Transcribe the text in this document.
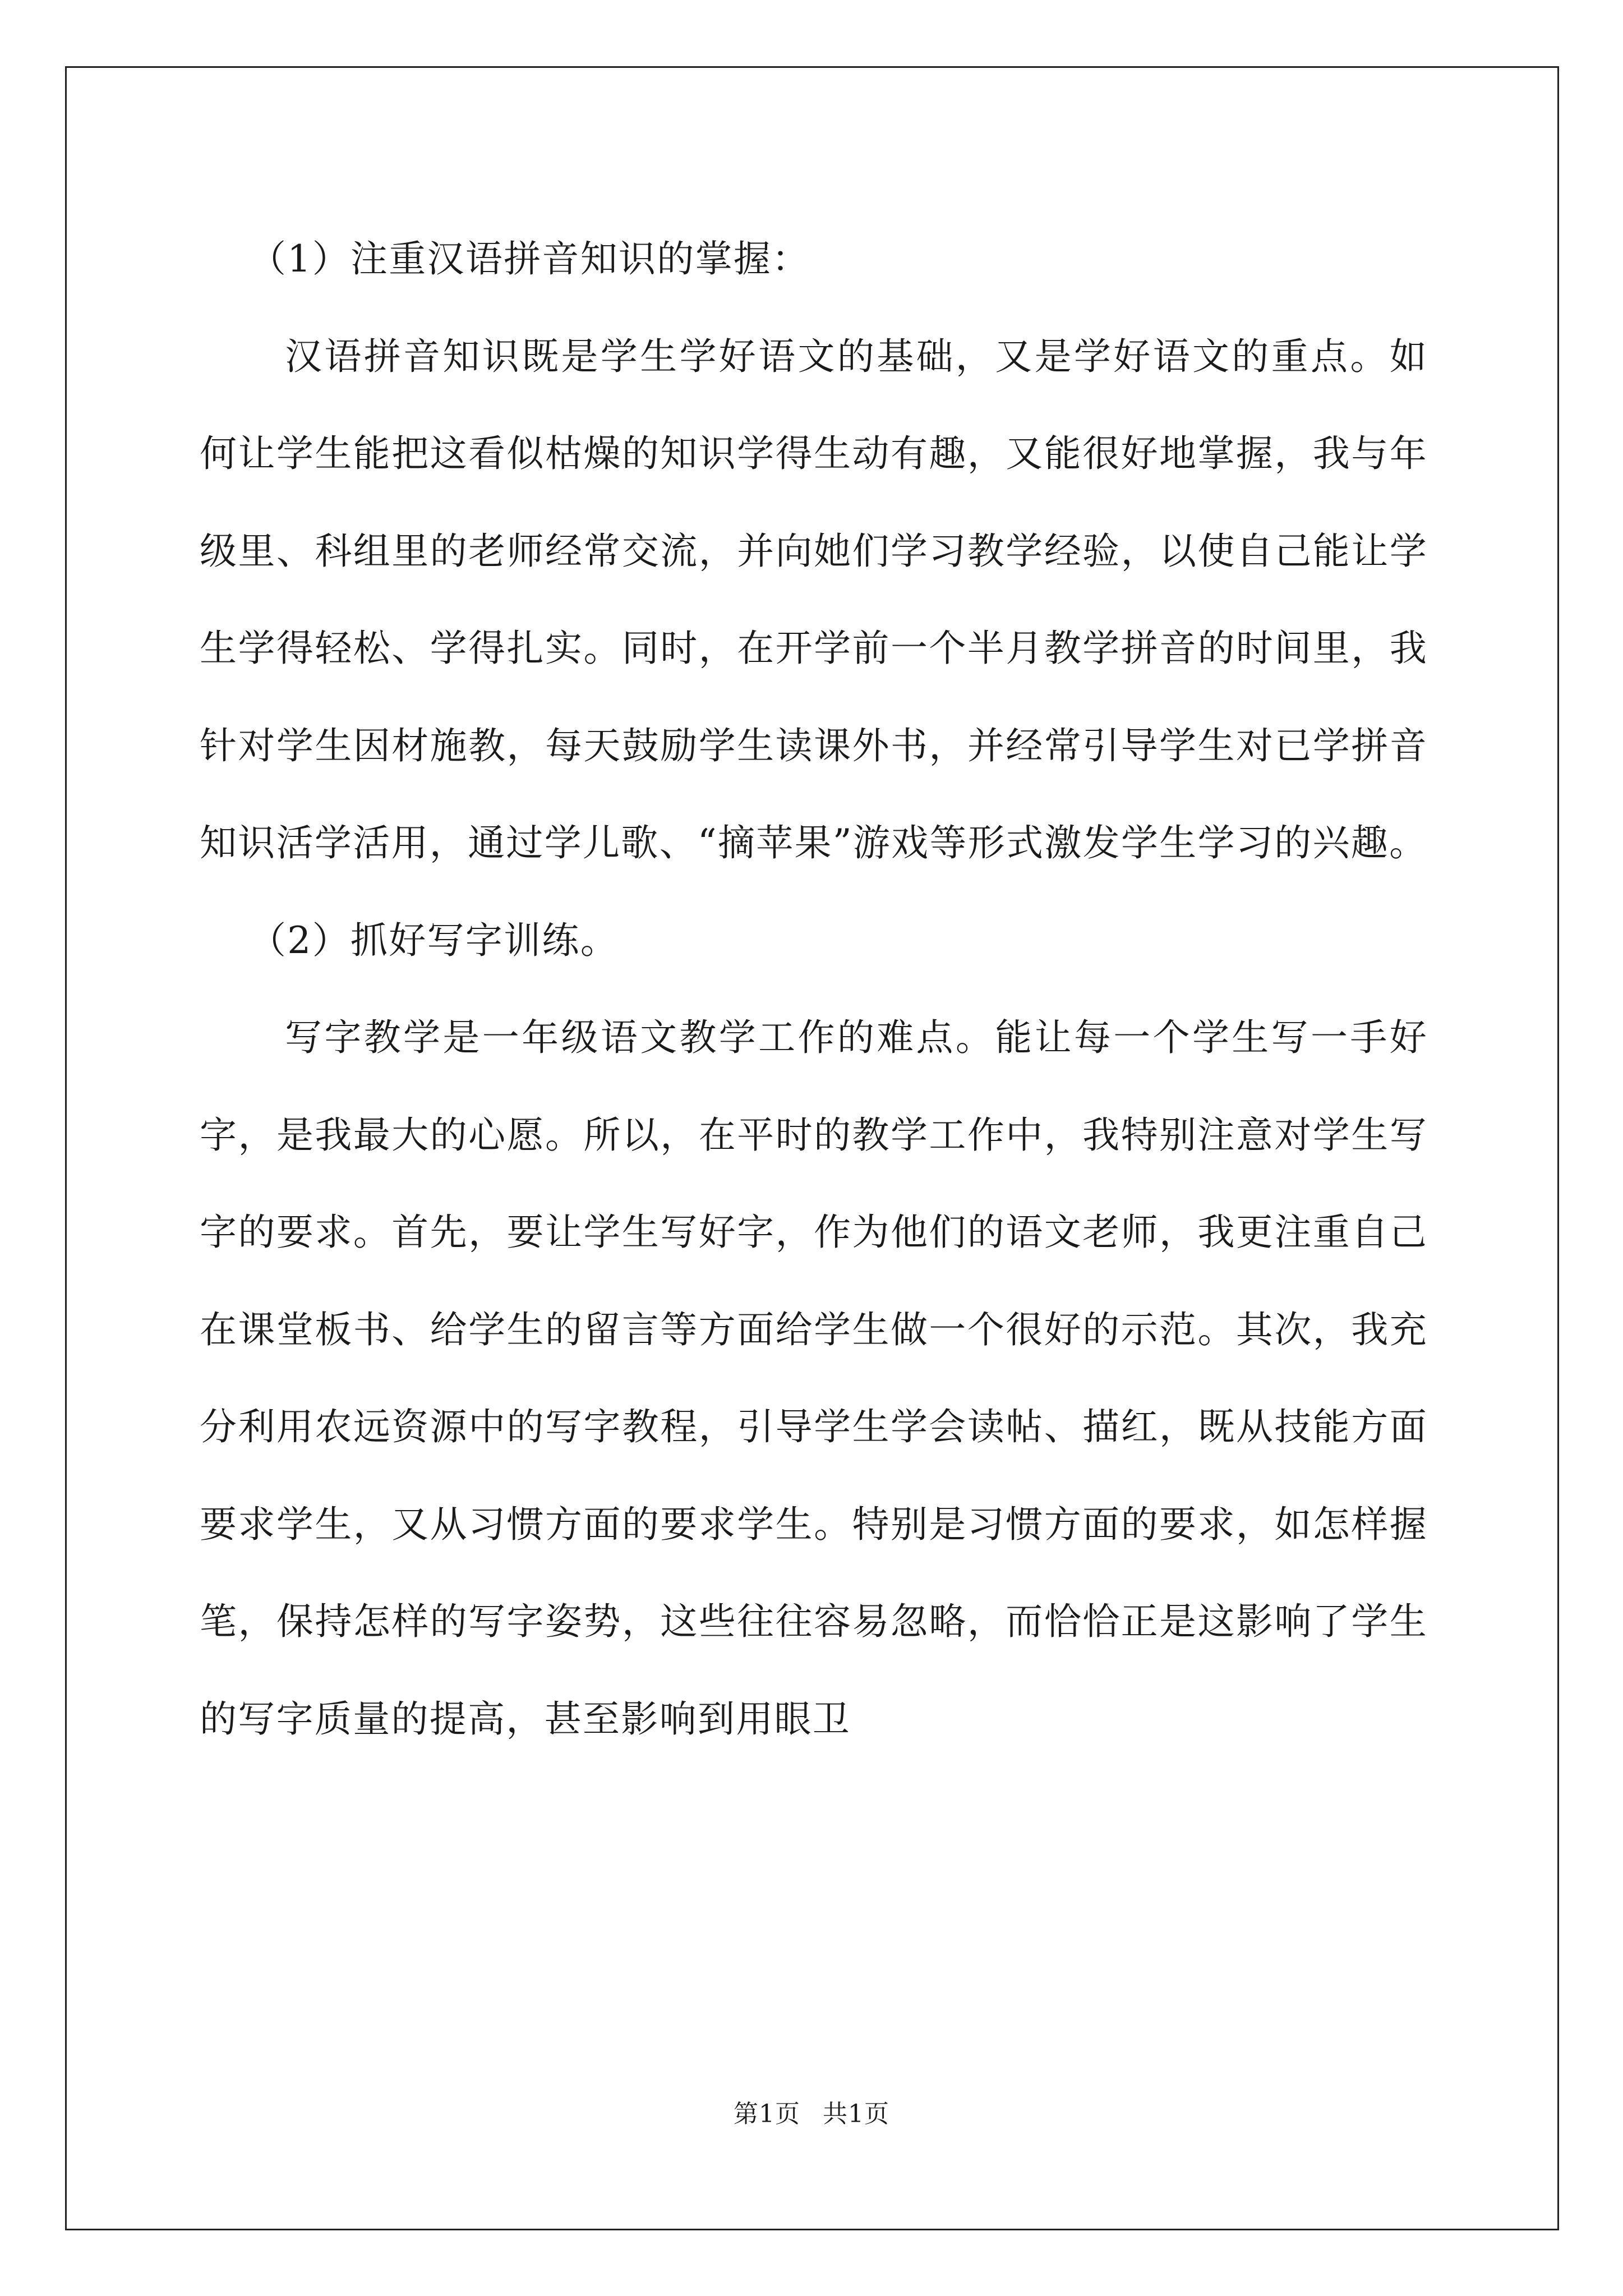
（1）注重汉语拼音知识的掌握：

汉语拼音知识既是学生学好语文的基础，又是学好语文的重点。如何让学生能把这看似枯燥的知识学得生动有趣，又能很好地掌握，我与年级里、科组里的老师经常交流，并向她们学习教学经验，以使自己能让学生学得轻松、学得扎实。同时，在开学前一个半月教学拼音的时间里，我针对学生因材施教，每天鼓励学生读课外书，并经常引导学生对已学拼音知识活学活用，通过学儿歌、“摘苹果”游戏等形式激发学生学习的兴趣。

（2）抓好写字训练。

写字教学是一年级语文教学工作的难点。能让每一个学生写一手好字，是我最大的心愿。所以，在平时的教学工作中，我特别注意对学生写字的要求。首先，要让学生写好字，作为他们的语文老师，我更注重自己在课堂板书、给学生的留言等方面给学生做一个很好的示范。其次，我充分利用农远资源中的写字教程，引导学生学会读帖、描红，既从技能方面要求学生，又从习惯方面的要求学生。特别是习惯方面的要求，如怎样握笔，保持怎样的写字姿势，这些往往容易忽略，而恰恰正是这影响了学生的写字质量的提高，甚至影响到用眼卫

第1页 共1页
